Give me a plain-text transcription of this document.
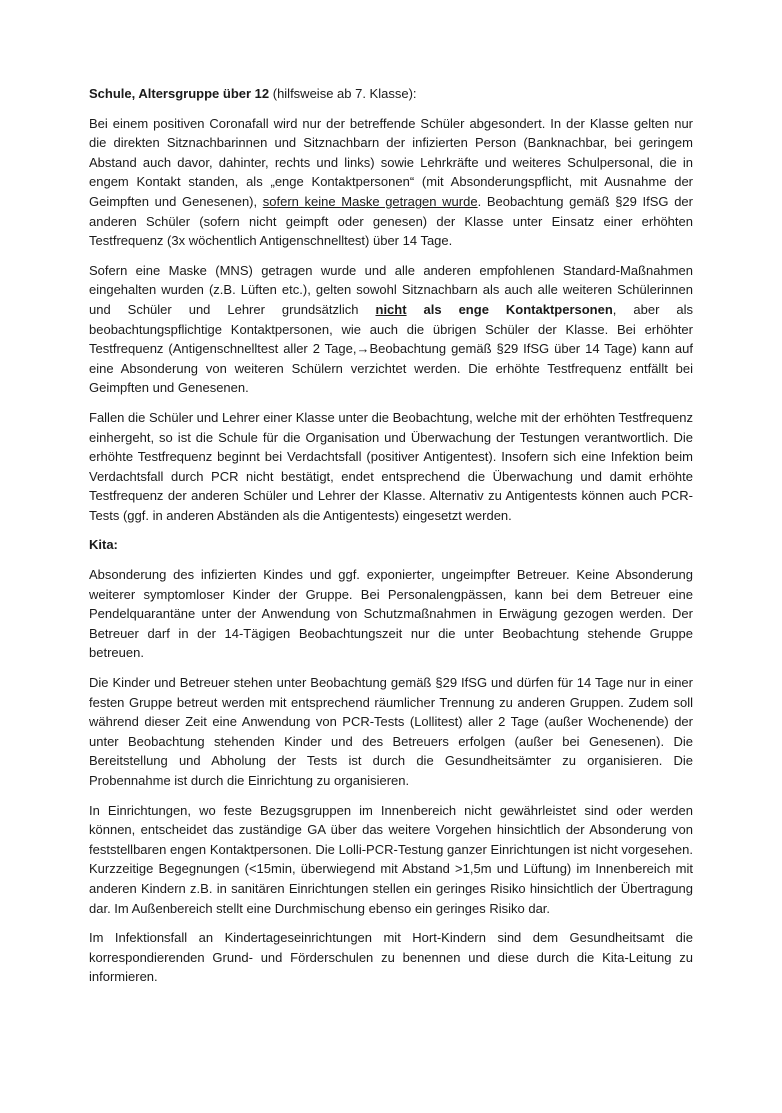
Schule, Altersgruppe über 12 (hilfsweise ab 7. Klasse):

Bei einem positiven Coronafall wird nur der betreffende Schüler abgesondert. In der Klasse gelten nur die direkten Sitznachbarinnen und Sitznachbarn der infizierten Person (Banknachbar, bei geringem Abstand auch davor, dahinter, rechts und links) sowie Lehrkräfte und weiteres Schulpersonal, die in engem Kontakt standen, als „enge Kontaktpersonen“ (mit Absonderungspflicht, mit Ausnahme der Geimpften und Genesenen), sofern keine Maske getragen wurde. Beobachtung gemäß §29 IfSG der anderen Schüler (sofern nicht geimpft oder genesen) der Klasse unter Einsatz einer erhöhten Testfrequenz (3x wöchentlich Antigenschnelltest) über 14 Tage.

Sofern eine Maske (MNS) getragen wurde und alle anderen empfohlenen Standard-Maßnahmen eingehalten wurden (z.B. Lüften etc.), gelten sowohl Sitznachbarn als auch alle weiteren Schülerinnen und Schüler und Lehrer grundsätzlich nicht als enge Kontaktpersonen, aber als beobachtungspflichtige Kontaktpersonen, wie auch die übrigen Schüler der Klasse. Bei erhöhter Testfrequenz (Antigenschnelltest aller 2 Tage,→Beobachtung gemäß §29 IfSG über 14 Tage) kann auf eine Absonderung von weiteren Schülern verzichtet werden. Die erhöhte Testfrequenz entfällt bei Geimpften und Genesenen.

Fallen die Schüler und Lehrer einer Klasse unter die Beobachtung, welche mit der erhöhten Testfrequenz einhergeht, so ist die Schule für die Organisation und Überwachung der Testungen verantwortlich. Die erhöhte Testfrequenz beginnt bei Verdachtsfall (positiver Antigentest). Insofern sich eine Infektion beim Verdachtsfall durch PCR nicht bestätigt, endet entsprechend die Überwachung und damit erhöhte Testfrequenz der anderen Schüler und Lehrer der Klasse. Alternativ zu Antigentests können auch PCR-Tests (ggf. in anderen Abständen als die Antigentests) eingesetzt werden.

Kita:

Absonderung des infizierten Kindes und ggf. exponierter, ungeimpfter Betreuer. Keine Absonderung weiterer symptomloser Kinder der Gruppe. Bei Personalengpässen, kann bei dem Betreuer eine Pendelquarantäne unter der Anwendung von Schutzmaßnahmen in Erwägung gezogen werden. Der Betreuer darf in der 14-Tägigen Beobachtungszeit nur die unter Beobachtung stehende Gruppe betreuen.

Die Kinder und Betreuer stehen unter Beobachtung gemäß §29 IfSG und dürfen für 14 Tage nur in einer festen Gruppe betreut werden mit entsprechend räumlicher Trennung zu anderen Gruppen. Zudem soll während dieser Zeit eine Anwendung von PCR-Tests (Lollitest) aller 2 Tage (außer Wochenende) der unter Beobachtung stehenden Kinder und des Betreuers erfolgen (außer bei Genesenen). Die Bereitstellung und Abholung der Tests ist durch die Gesundheitsämter zu organisieren. Die Probennahme ist durch die Einrichtung zu organisieren.

In Einrichtungen, wo feste Bezugsgruppen im Innenbereich nicht gewährleistet sind oder werden können, entscheidet das zuständige GA über das weitere Vorgehen hinsichtlich der Absonderung von feststellbaren engen Kontaktpersonen. Die Lolli-PCR-Testung ganzer Einrichtungen ist nicht vorgesehen. Kurzzeitige Begegnungen (<15min, überwiegend mit Abstand >1,5m und Lüftung) im Innenbereich mit anderen Kindern z.B. in sanitären Einrichtungen stellen ein geringes Risiko hinsichtlich der Übertragung dar. Im Außenbereich stellt eine Durchmischung ebenso ein geringes Risiko dar.

Im Infektionsfall an Kindertageseinrichtungen mit Hort-Kindern sind dem Gesundheitsamt die korrespondierenden Grund- und Förderschulen zu benennen und diese durch die Kita-Leitung zu informieren.
